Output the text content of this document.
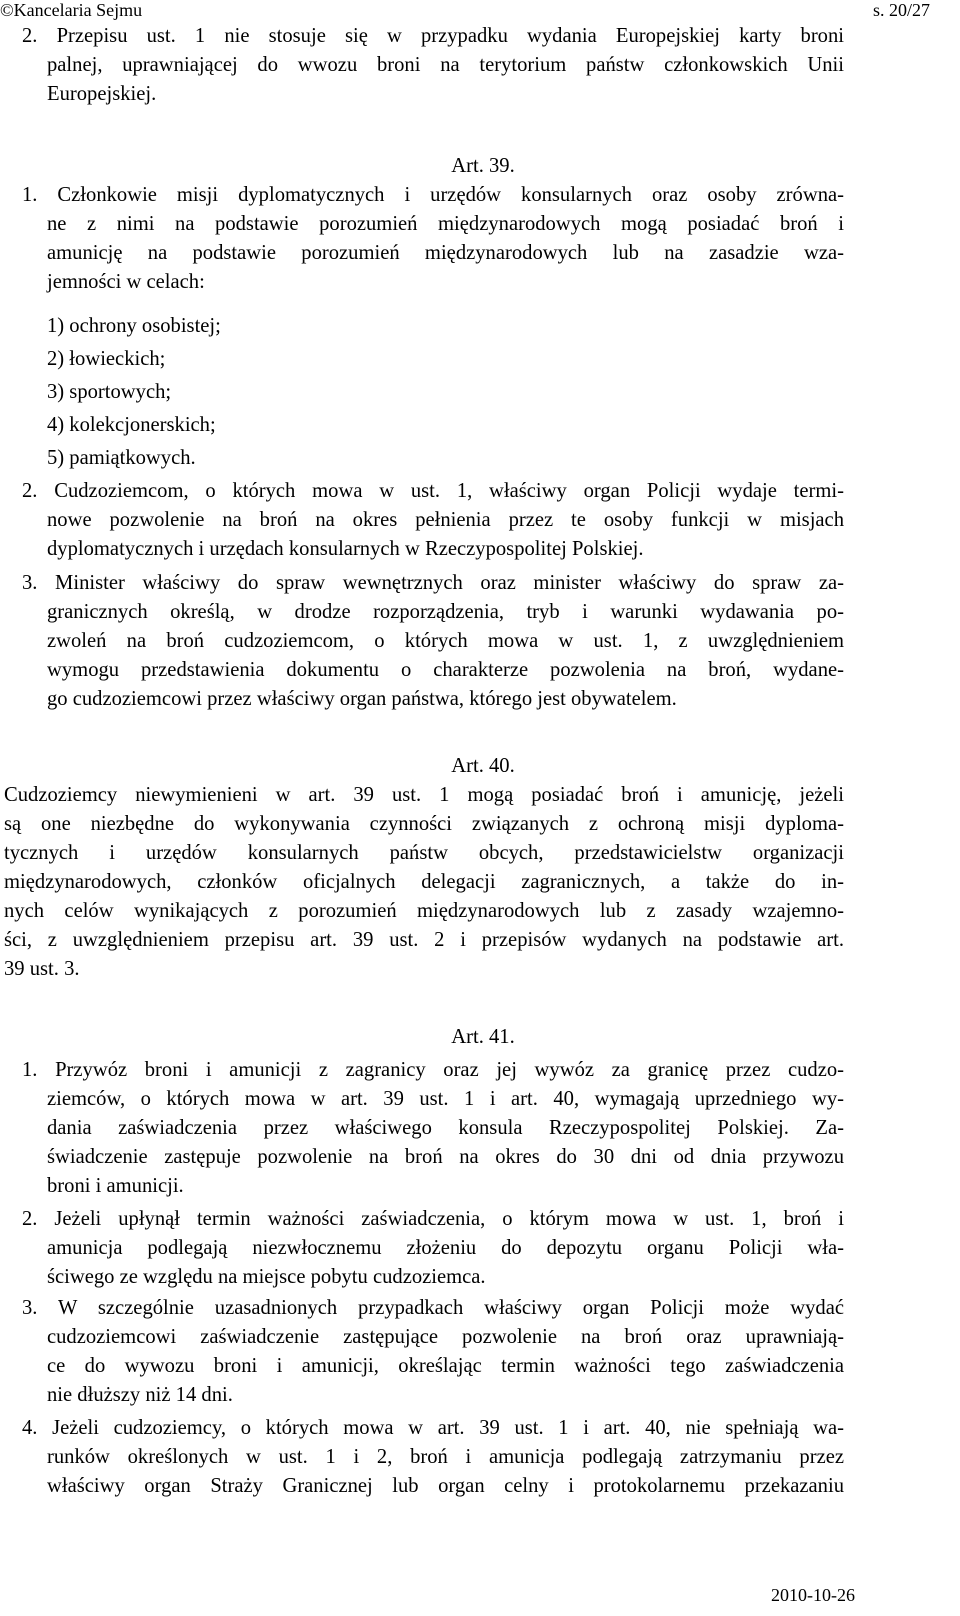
©Kancelaria Sejmu	s. 20/27
2. Przepisu ust. 1 nie stosuje się w przypadku wydania Europejskiej karty broni
palnej, uprawniającej do wwozu broni na terytorium państw członkowskich Unii
Europejskiej.
Art. 39.
1. Członkowie misji dyplomatycznych i urzędów konsularnych oraz osoby zrówna-
ne z nimi na podstawie porozumień międzynarodowych mogą posiadać broń i
amunicję na podstawie porozumień międzynarodowych lub na zasadzie wza-
jemności w celach:
1) ochrony osobistej;
2) łowieckich;
3) sportowych;
4) kolekcjonerskich;
5) pamiątkowych.
2. Cudzoziemcom, o których mowa w ust. 1, właściwy organ Policji wydaje termi-
nowe pozwolenie na broń na okres pełnienia przez te osoby funkcji w misjach
dyplomatycznych i urzędach konsularnych w Rzeczypospolitej Polskiej.
3. Minister właściwy do spraw wewnętrznych oraz minister właściwy do spraw za-
granicznych określą, w drodze rozporządzenia, tryb i warunki wydawania po-
zwoleń na broń cudzoziemcom, o których mowa w ust. 1, z uwzględnieniem
wymogu przedstawienia dokumentu o charakterze pozwolenia na broń, wydane-
go cudzoziemcowi przez właściwy organ państwa, którego jest obywatelem.
Art. 40.
Cudzoziemcy niewymienieni w art. 39 ust. 1 mogą posiadać broń i amunicję, jeżeli
są one niezbędne do wykonywania czynności związanych z ochroną misji dyploma-
tycznych i urzędów konsularnych państw obcych, przedstawicielstw organizacji
międzynarodowych, członków oficjalnych delegacji zagranicznych, a także do in-
nych celów wynikających z porozumień międzynarodowych lub z zasady wzajemno-
ści, z uwzględnieniem przepisu art. 39 ust. 2 i przepisów wydanych na podstawie art.
39 ust. 3.
Art. 41.
1. Przywóz broni i amunicji z zagranicy oraz jej wywóz za granicę przez cudzo-
ziemców, o których mowa w art. 39 ust. 1 i art. 40, wymagają uprzedniego wy-
dania zaświadczenia przez właściwego konsula Rzeczypospolitej Polskiej. Za-
świadczenie zastępuje pozwolenie na broń na okres do 30 dni od dnia przywozu
broni i amunicji.
2. Jeżeli upłynął termin ważności zaświadczenia, o którym mowa w ust. 1, broń i
amunicja podlegają niezwłocznemu złożeniu do depozytu organu Policji wła-
ściwego ze względu na miejsce pobytu cudzoziemca.
3. W szczególnie uzasadnionych przypadkach właściwy organ Policji może wydać
cudzoziemcowi zaświadczenie zastępujące pozwolenie na broń oraz uprawniają-
ce do wywozu broni i amunicji, określając termin ważności tego zaświadczenia
nie dłuższy niż 14 dni.
4. Jeżeli cudzoziemcy, o których mowa w art. 39 ust. 1 i art. 40, nie spełniają wa-
runków określonych w ust. 1 i 2, broń i amunicja podlegają zatrzymaniu przez
właściwy organ Straży Granicznej lub organ celny i protokolarnemu przekazaniu
2010-10-26
